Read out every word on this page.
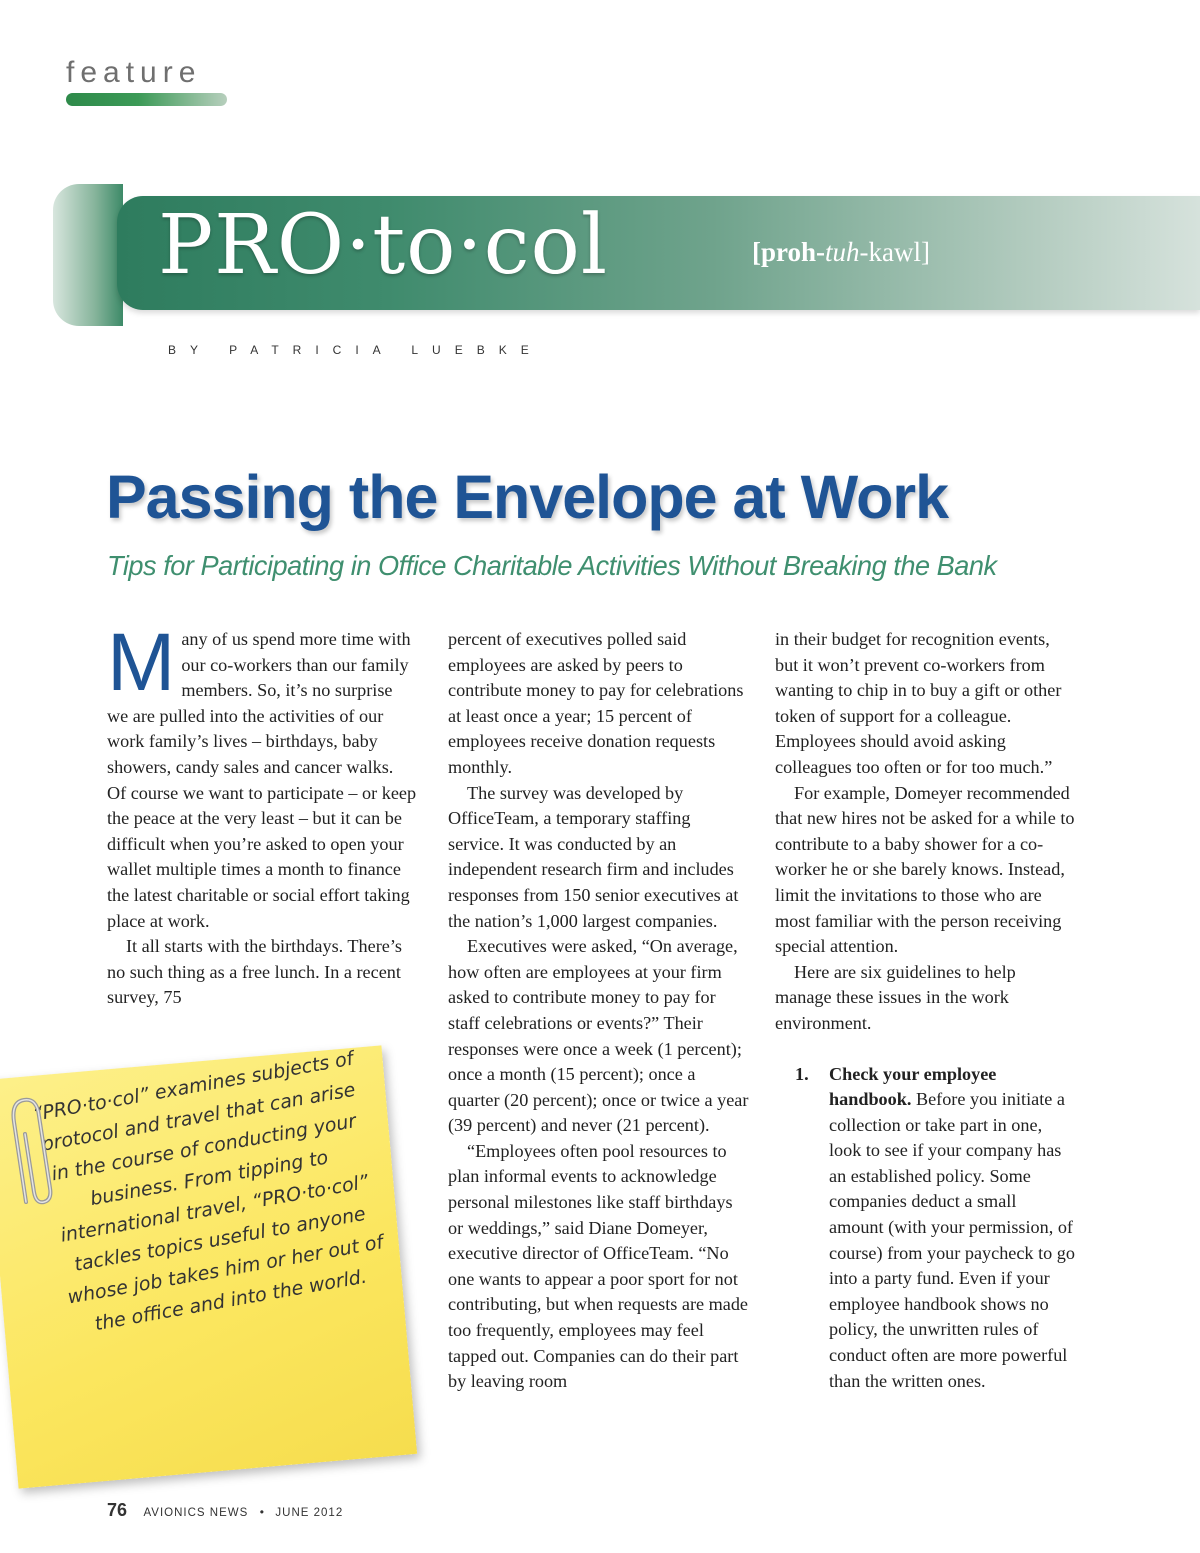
feature
PRO·to·col	[proh-tuh-kawl]
BY PATRICIA LUEBKE
Passing the Envelope at Work
Tips for Participating in Office Charitable Activities Without Breaking the Bank
M any of us spend more time with our co-workers than our family members. So, it’s no surprise we are pulled into the activities of our work family’s lives – birthdays, baby showers, candy sales and cancer walks. Of course we want to participate – or keep the peace at the very least – but it can be difficult when you’re asked to open your wallet multiple times a month to finance the latest charitable or social effort taking place at work.

It all starts with the birthdays. There’s no such thing as a free lunch. In a recent survey, 75

percent of executives polled said employees are asked by peers to contribute money to pay for celebrations at least once a year; 15 percent of employees receive donation requests monthly.

The survey was developed by OfficeTeam, a temporary staffing service. It was conducted by an independent research firm and includes responses from 150 senior executives at the nation’s 1,000 largest companies.

Executives were asked, “On average, how often are employees at your firm asked to contribute money to pay for staff celebrations or events?” Their responses were once a week (1 percent); once a month (15 percent); once a quarter (20 percent); once or twice a year (39 percent) and never (21 percent).

“Employees often pool resources to plan informal events to acknowledge personal milestones like staff birthdays or weddings,” said Diane Domeyer, executive director of OfficeTeam. “No one wants to appear a poor sport for not contributing, but when requests are made too frequently, employees may feel tapped out. Companies can do their part by leaving room

in their budget for recognition events, but it won’t prevent co-workers from wanting to chip in to buy a gift or other token of support for a colleague. Employees should avoid asking colleagues too often or for too much.”

For example, Domeyer recommended that new hires not be asked for a while to contribute to a baby shower for a co-worker he or she barely knows. Instead, limit the invitations to those who are most familiar with the person receiving special attention.

Here are six guidelines to help manage these issues in the work environment.

1.	Check your employee handbook. Before you initiate a collection or take part in one, look to see if your company has an established policy. Some companies deduct a small amount (with your permission, of course) from your paycheck to go into a party fund. Even if your employee handbook shows no policy, the unwritten rules of conduct often are more powerful than the written ones.
“PRO·to·col” examines subjects of protocol and travel that can arise in the course of conducting your business. From tipping to international travel, “PRO·to·col” tackles topics useful to anyone whose job takes him or her out of the office and into the world.
76 AVIONICS NEWS • JUNE 2012
